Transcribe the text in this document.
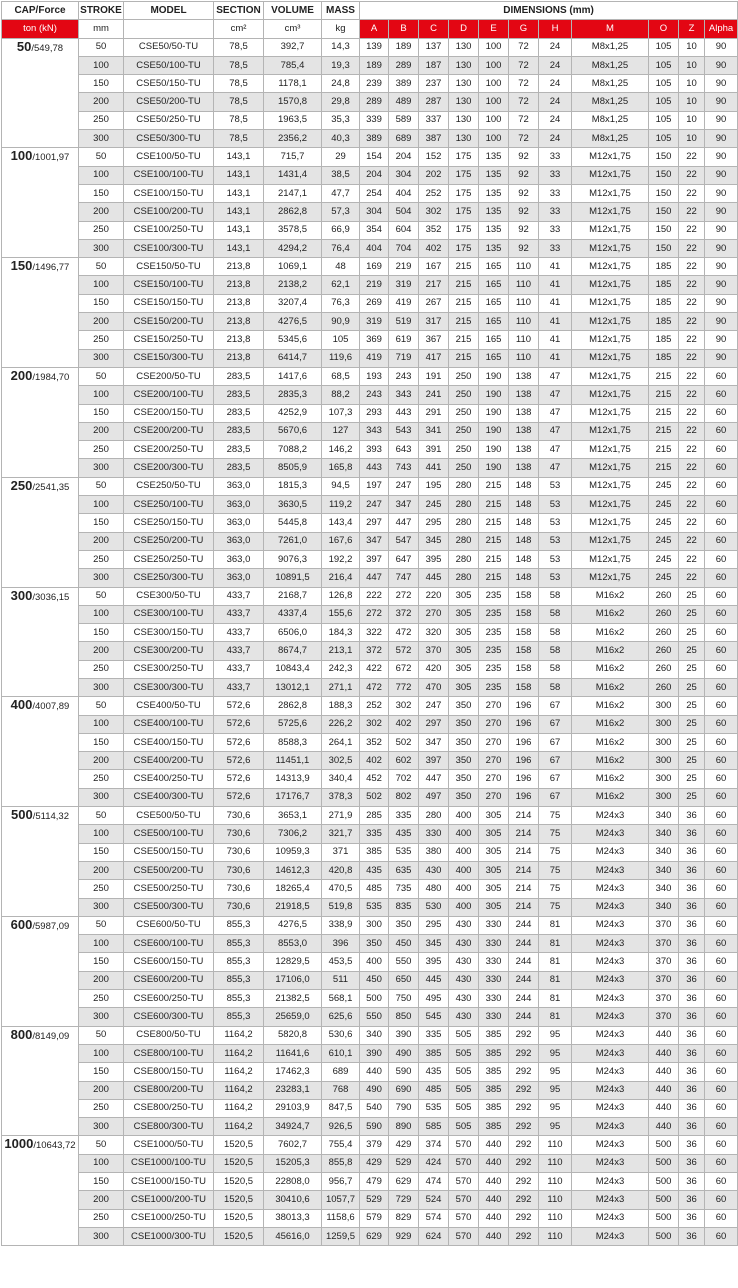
CAP/Force	STROKE	MODEL	SECTION	VOLUME	MASS	DIMENSIONS (mm)										
ton (kN)	mm		cm²	cm³	kg	A	B	C	D	E	G	H	M	O	Z	Alpha
50/549,78	50	CSE50/50-TU	78,5	392,7	14,3	139	189	137	130	100	72	24	M8x1,25	105	10	90
	100	CSE50/100-TU	78,5	785,4	19,3	189	289	187	130	100	72	24	M8x1,25	105	10	90
	150	CSE50/150-TU	78,5	1178,1	24,8	239	389	237	130	100	72	24	M8x1,25	105	10	90
	200	CSE50/200-TU	78,5	1570,8	29,8	289	489	287	130	100	72	24	M8x1,25	105	10	90
	250	CSE50/250-TU	78,5	1963,5	35,3	339	589	337	130	100	72	24	M8x1,25	105	10	90
	300	CSE50/300-TU	78,5	2356,2	40,3	389	689	387	130	100	72	24	M8x1,25	105	10	90
100/1001,97	50	CSE100/50-TU	143,1	715,7	29	154	204	152	175	135	92	33	M12x1,75	150	22	90
	100	CSE100/100-TU	143,1	1431,4	38,5	204	304	202	175	135	92	33	M12x1,75	150	22	90
	150	CSE100/150-TU	143,1	2147,1	47,7	254	404	252	175	135	92	33	M12x1,75	150	22	90
	200	CSE100/200-TU	143,1	2862,8	57,3	304	504	302	175	135	92	33	M12x1,75	150	22	90
	250	CSE100/250-TU	143,1	3578,5	66,9	354	604	352	175	135	92	33	M12x1,75	150	22	90
	300	CSE100/300-TU	143,1	4294,2	76,4	404	704	402	175	135	92	33	M12x1,75	150	22	90
150/1496,77	50	CSE150/50-TU	213,8	1069,1	48	169	219	167	215	165	110	41	M12x1,75	185	22	90
	100	CSE150/100-TU	213,8	2138,2	62,1	219	319	217	215	165	110	41	M12x1,75	185	22	90
	150	CSE150/150-TU	213,8	3207,4	76,3	269	419	267	215	165	110	41	M12x1,75	185	22	90
	200	CSE150/200-TU	213,8	4276,5	90,9	319	519	317	215	165	110	41	M12x1,75	185	22	90
	250	CSE150/250-TU	213,8	5345,6	105	369	619	367	215	165	110	41	M12x1,75	185	22	90
	300	CSE150/300-TU	213,8	6414,7	119,6	419	719	417	215	165	110	41	M12x1,75	185	22	90
200/1984,70	50	CSE200/50-TU	283,5	1417,6	68,5	193	243	191	250	190	138	47	M12x1,75	215	22	60
	100	CSE200/100-TU	283,5	2835,3	88,2	243	343	241	250	190	138	47	M12x1,75	215	22	60
	150	CSE200/150-TU	283,5	4252,9	107,3	293	443	291	250	190	138	47	M12x1,75	215	22	60
	200	CSE200/200-TU	283,5	5670,6	127	343	543	341	250	190	138	47	M12x1,75	215	22	60
	250	CSE200/250-TU	283,5	7088,2	146,2	393	643	391	250	190	138	47	M12x1,75	215	22	60
	300	CSE200/300-TU	283,5	8505,9	165,8	443	743	441	250	190	138	47	M12x1,75	215	22	60
250/2541,35	50	CSE250/50-TU	363,0	1815,3	94,5	197	247	195	280	215	148	53	M12x1,75	245	22	60
	100	CSE250/100-TU	363,0	3630,5	119,2	247	347	245	280	215	148	53	M12x1,75	245	22	60
	150	CSE250/150-TU	363,0	5445,8	143,4	297	447	295	280	215	148	53	M12x1,75	245	22	60
	200	CSE250/200-TU	363,0	7261,0	167,6	347	547	345	280	215	148	53	M12x1,75	245	22	60
	250	CSE250/250-TU	363,0	9076,3	192,2	397	647	395	280	215	148	53	M12x1,75	245	22	60
	300	CSE250/300-TU	363,0	10891,5	216,4	447	747	445	280	215	148	53	M12x1,75	245	22	60
300/3036,15	50	CSE300/50-TU	433,7	2168,7	126,8	222	272	220	305	235	158	58	M16x2	260	25	60
	100	CSE300/100-TU	433,7	4337,4	155,6	272	372	270	305	235	158	58	M16x2	260	25	60
	150	CSE300/150-TU	433,7	6506,0	184,3	322	472	320	305	235	158	58	M16x2	260	25	60
	200	CSE300/200-TU	433,7	8674,7	213,1	372	572	370	305	235	158	58	M16x2	260	25	60
	250	CSE300/250-TU	433,7	10843,4	242,3	422	672	420	305	235	158	58	M16x2	260	25	60
	300	CSE300/300-TU	433,7	13012,1	271,1	472	772	470	305	235	158	58	M16x2	260	25	60
400/4007,89	50	CSE400/50-TU	572,6	2862,8	188,3	252	302	247	350	270	196	67	M16x2	300	25	60
	100	CSE400/100-TU	572,6	5725,6	226,2	302	402	297	350	270	196	67	M16x2	300	25	60
	150	CSE400/150-TU	572,6	8588,3	264,1	352	502	347	350	270	196	67	M16x2	300	25	60
	200	CSE400/200-TU	572,6	11451,1	302,5	402	602	397	350	270	196	67	M16x2	300	25	60
	250	CSE400/250-TU	572,6	14313,9	340,4	452	702	447	350	270	196	67	M16x2	300	25	60
	300	CSE400/300-TU	572,6	17176,7	378,3	502	802	497	350	270	196	67	M16x2	300	25	60
500/5114,32	50	CSE500/50-TU	730,6	3653,1	271,9	285	335	280	400	305	214	75	M24x3	340	36	60
	100	CSE500/100-TU	730,6	7306,2	321,7	335	435	330	400	305	214	75	M24x3	340	36	60
	150	CSE500/150-TU	730,6	10959,3	371	385	535	380	400	305	214	75	M24x3	340	36	60
	200	CSE500/200-TU	730,6	14612,3	420,8	435	635	430	400	305	214	75	M24x3	340	36	60
	250	CSE500/250-TU	730,6	18265,4	470,5	485	735	480	400	305	214	75	M24x3	340	36	60
	300	CSE500/300-TU	730,6	21918,5	519,8	535	835	530	400	305	214	75	M24x3	340	36	60
600/5987,09	50	CSE600/50-TU	855,3	4276,5	338,9	300	350	295	430	330	244	81	M24x3	370	36	60
	100	CSE600/100-TU	855,3	8553,0	396	350	450	345	430	330	244	81	M24x3	370	36	60
	150	CSE600/150-TU	855,3	12829,5	453,5	400	550	395	430	330	244	81	M24x3	370	36	60
	200	CSE600/200-TU	855,3	17106,0	511	450	650	445	430	330	244	81	M24x3	370	36	60
	250	CSE600/250-TU	855,3	21382,5	568,1	500	750	495	430	330	244	81	M24x3	370	36	60
	300	CSE600/300-TU	855,3	25659,0	625,6	550	850	545	430	330	244	81	M24x3	370	36	60
800/8149,09	50	CSE800/50-TU	1164,2	5820,8	530,6	340	390	335	505	385	292	95	M24x3	440	36	60
	100	CSE800/100-TU	1164,2	11641,6	610,1	390	490	385	505	385	292	95	M24x3	440	36	60
	150	CSE800/150-TU	1164,2	17462,3	689	440	590	435	505	385	292	95	M24x3	440	36	60
	200	CSE800/200-TU	1164,2	23283,1	768	490	690	485	505	385	292	95	M24x3	440	36	60
	250	CSE800/250-TU	1164,2	29103,9	847,5	540	790	535	505	385	292	95	M24x3	440	36	60
	300	CSE800/300-TU	1164,2	34924,7	926,5	590	890	585	505	385	292	95	M24x3	440	36	60
1000/10643,72	50	CSE1000/50-TU	1520,5	7602,7	755,4	379	429	374	570	440	292	110	M24x3	500	36	60
	100	CSE1000/100-TU	1520,5	15205,3	855,8	429	529	424	570	440	292	110	M24x3	500	36	60
	150	CSE1000/150-TU	1520,5	22808,0	956,7	479	629	474	570	440	292	110	M24x3	500	36	60
	200	CSE1000/200-TU	1520,5	30410,6	1057,7	529	729	524	570	440	292	110	M24x3	500	36	60
	250	CSE1000/250-TU	1520,5	38013,3	1158,6	579	829	574	570	440	292	110	M24x3	500	36	60
	300	CSE1000/300-TU	1520,5	45616,0	1259,5	629	929	624	570	440	292	110	M24x3	500	36	60
